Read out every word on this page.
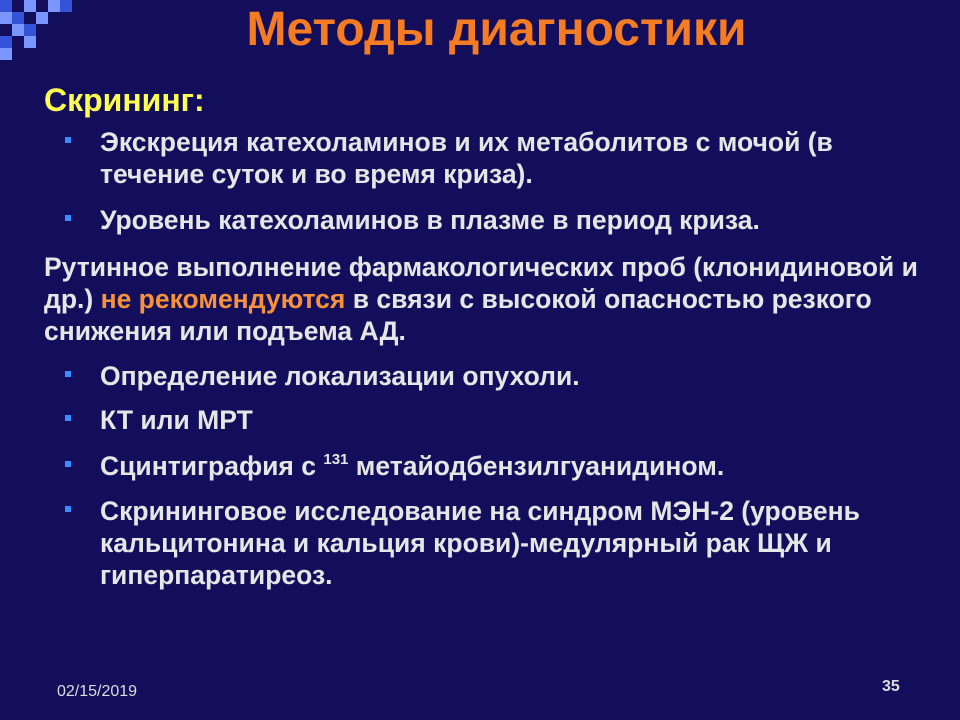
Методы диагностики
Скрининг:
Экскреция катехоламинов и их метаболитов с мочой (в
течение суток и во время криза).
Уровень катехоламинов в плазме в период криза.
Рутинное выполнение фармакологических проб (клонидиновой и
др.) не рекомендуются в связи с высокой опасностью резкого
снижения или подъема АД.
Определение локализации опухоли.
КТ или МРТ
Сцинтиграфия с $^{131}$ метайодбензилгуанидином.
Скрининговое исследование на синдром МЭН-2 (уровень
кальцитонина и кальция крови)-медулярный рак ЩЖ и
гиперпаратиреоз.
02/15/2019	35
